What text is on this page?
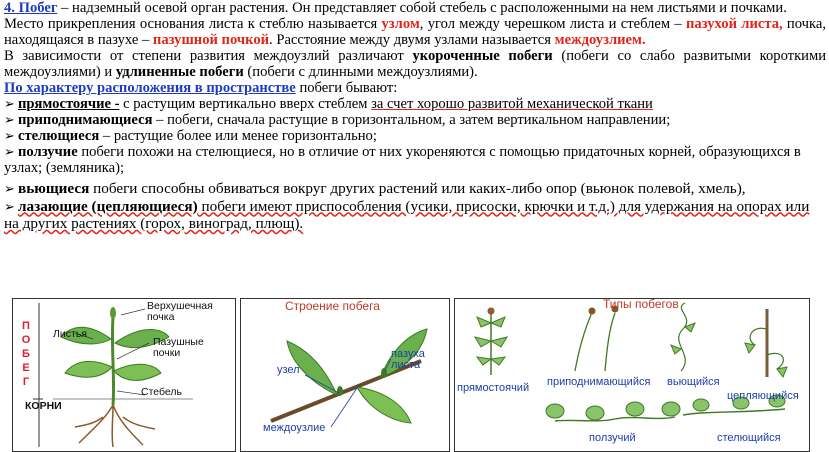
4. Побег – надземный осевой орган растения. Он представляет собой стебель с расположенными на нем листьями и почками.

Место прикрепления основания листа к стеблю называется узлом, угол между черешком листа и стеблем – пазухой листа, почка, находящаяся в пазухе – пазушной почкой. Расстояние между двумя узлами называется междоузлием.

В зависимости от степени развития междоузлий различают укороченные побеги (побеги со слабо развитыми короткими междоузлиями) и удлиненные побеги (побеги с длинными междоузлиями).

По характеру расположения в пространстве побеги бывают:

➢ прямостоячие - с растущим вертикально вверх стеблем за счет хорошо развитой механической ткани

➢ приподнимающиеся – побеги, сначала растущие в горизонтальном, а затем вертикальном направлении;

➢ стелющиеся – растущие более или менее горизонтально;

➢ ползучие побеги похожи на стелющиеся, но в отличие от них укореняются с помощью придаточных корней, образующихся в узлах; (земляника);

➢ вьющиеся побеги способны обвиваться вокруг других растений или каких-либо опор (вьюнок полевой, хмель),

➢ лазающие (цепляющиеся) побеги имеют приспособления (усики, присоски, крючки и т.д.) для удержания на опорах или на других растениях (горох, виноград, плющ).

ПОБЕГ
Верхушечная почка
Листья
Пазушные почки
Стебель
КОРНИ
Строение побега
узел
пазуха листа
междоузлие
Типы побегов
прямостоячий приподнимающийся вьющийся
цепляющийся
ползучий	стелющийся
